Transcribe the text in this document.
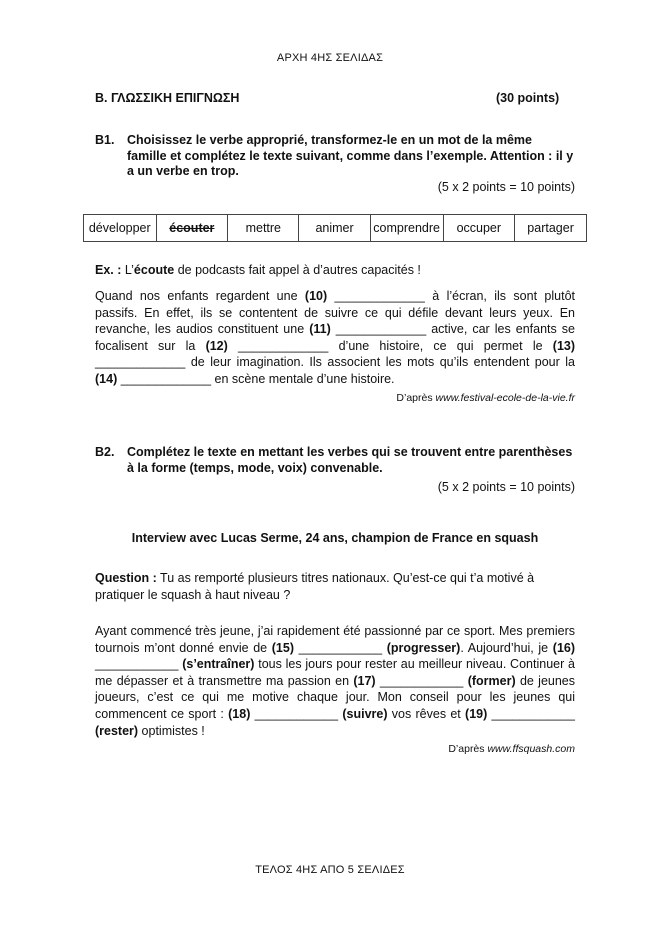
ΑΡΧΗ 4ΗΣ ΣΕΛΙΔΑΣ
B. ΓΛΩΣΣΙΚΗ ΕΠΙΓΝΩΣΗ	(30 points)
B1. Choisissez le verbe approprié, transformez-le en un mot de la même famille et complétez le texte suivant, comme dans l’exemple. Attention : il y a un verbe en trop.
(5 x 2 points = 10 points)
développer	écouter	mettre	animer	comprendre	occuper	partager
Ex. : L’écoute de podcasts fait appel à d’autres capacités !
Quand nos enfants regardent une (10) _____________ à l’écran, ils sont plutôt passifs. En effet, ils se contentent de suivre ce qui défile devant leurs yeux. En revanche, les audios constituent une (11) _____________ active, car les enfants se focalisent sur la (12) _____________ d’une histoire, ce qui permet le (13) _____________ de leur imagination. Ils associent les mots qu’ils entendent pour la (14) _____________ en scène mentale d’une histoire.
D’après www.festival-ecole-de-la-vie.fr
B2. Complétez le texte en mettant les verbes qui se trouvent entre parenthèses à la forme (temps, mode, voix) convenable.
(5 x 2 points = 10 points)
Interview avec Lucas Serme, 24 ans, champion de France en squash
Question : Tu as remporté plusieurs titres nationaux. Qu’est-ce qui t’a motivé à pratiquer le squash à haut niveau ?
Ayant commencé très jeune, j’ai rapidement été passionné par ce sport. Mes premiers tournois m’ont donné envie de (15) ____________ (progresser). Aujourd’hui, je (16) ____________ (s’entraîner) tous les jours pour rester au meilleur niveau. Continuer à me dépasser et à transmettre ma passion en (17) ____________ (former) de jeunes joueurs, c’est ce qui me motive chaque jour. Mon conseil pour les jeunes qui commencent ce sport : (18) ____________ (suivre) vos rêves et (19) ____________ (rester) optimistes !
D’après www.ffsquash.com
ΤΕΛΟΣ 4ΗΣ ΑΠΟ 5 ΣΕΛΙΔΕΣ
